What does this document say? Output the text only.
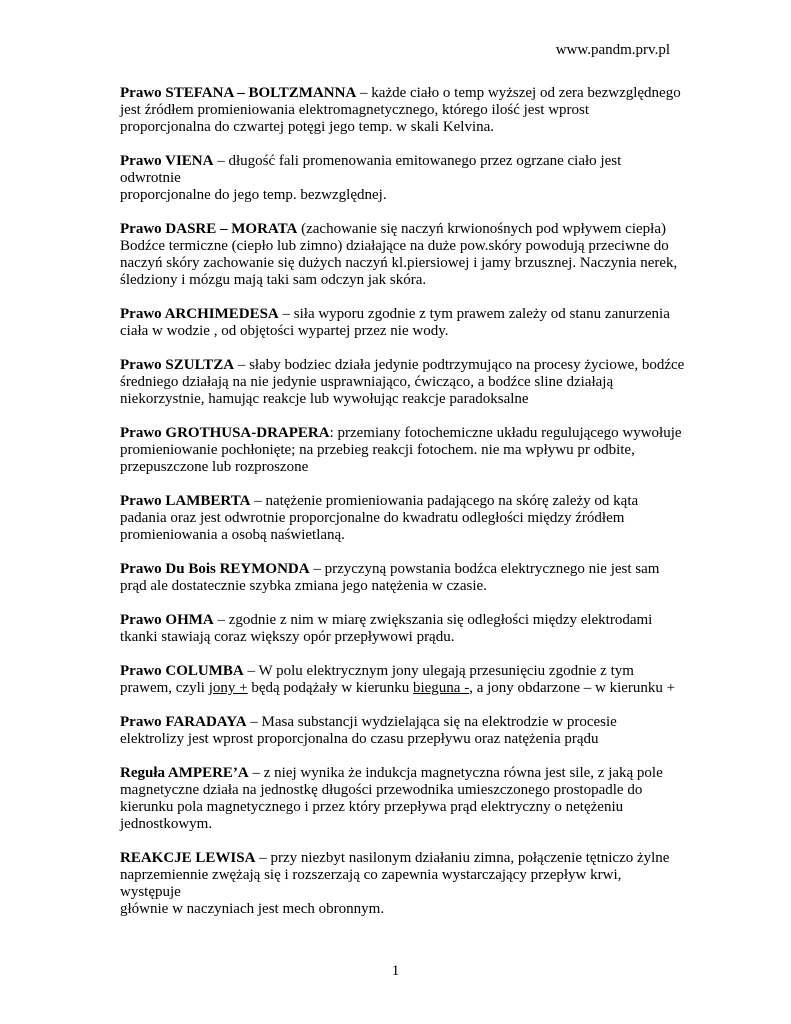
www.pandm.prv.pl

Prawo STEFANA – BOLTZMANNA – każde ciało o temp wyższej od zera bezwzględnego
jest źródłem promieniowania elektromagnetycznego, którego ilość jest wprost
proporcjonalna do czwartej potęgi jego temp. w skali Kelvina.

Prawo VIENA – długość fali promenowania emitowanego przez ogrzane ciało jest odwrotnie
proporcjonalne do jego temp. bezwzględnej.

Prawo DASRE – MORATA (zachowanie się naczyń krwionośnych pod wpływem ciepła)
Bodźce termiczne (ciepło lub zimno) działające na duże pow.skóry powodują przeciwne do
naczyń skóry zachowanie się dużych naczyń kl.piersiowej i jamy brzusznej. Naczynia nerek,
śledziony i mózgu mają taki sam odczyn jak skóra.

Prawo ARCHIMEDESA – siła wyporu zgodnie z tym prawem zależy od stanu zanurzenia
ciała w wodzie , od objętości wypartej przez nie wody.

Prawo SZULTZA – słaby bodziec działa jedynie podtrzymująco na procesy życiowe, bodźce
średniego działają na nie jedynie usprawniająco, ćwicząco, a bodźce sline działają
niekorzystnie, hamując reakcje lub wywołując reakcje paradoksalne

Prawo GROTHUSA-DRAPERA: przemiany fotochemiczne układu regulującego wywołuje
promieniowanie pochłonięte; na przebieg reakcji fotochem. nie ma wpływu pr odbite,
przepuszczone lub rozproszone

Prawo LAMBERTA – natężenie promieniowania padającego na skórę zależy od kąta
padania oraz jest odwrotnie proporcjonalne do kwadratu odległości między źródłem
promieniowania a osobą naświetlaną.

Prawo Du Bois REYMONDA – przyczyną powstania bodźca elektrycznego nie jest sam
prąd ale dostatecznie szybka zmiana jego natężenia w czasie.

Prawo OHMA – zgodnie z nim w miarę zwiększania się odległości między elektrodami
tkanki stawiają coraz większy opór przepływowi prądu.

Prawo COLUMBA – W polu elektrycznym jony ulegają przesunięciu zgodnie z tym
prawem, czyli jony + będą podążały w kierunku bieguna -, a jony obdarzone – w kierunku +

Prawo FARADAYA – Masa substancji wydzielająca się na elektrodzie w procesie
elektrolizy jest wprost proporcjonalna do czasu przepływu oraz natężenia prądu

Reguła AMPERE’A – z niej wynika że indukcja magnetyczna równa jest sile, z jaką pole
magnetyczne działa na jednostkę długości przewodnika umieszczonego prostopadle do
kierunku pola magnetycznego i przez który przepływa prąd elektryczny o netężeniu
jednostkowym.

REAKCJE LEWISA – przy niezbyt nasilonym działaniu zimna, połączenie tętniczo żylne
naprzemiennie zwężają się i rozszerzają co zapewnia wystarczający przepływ krwi, występuje
głównie w naczyniach jest mech obronnym.

1
